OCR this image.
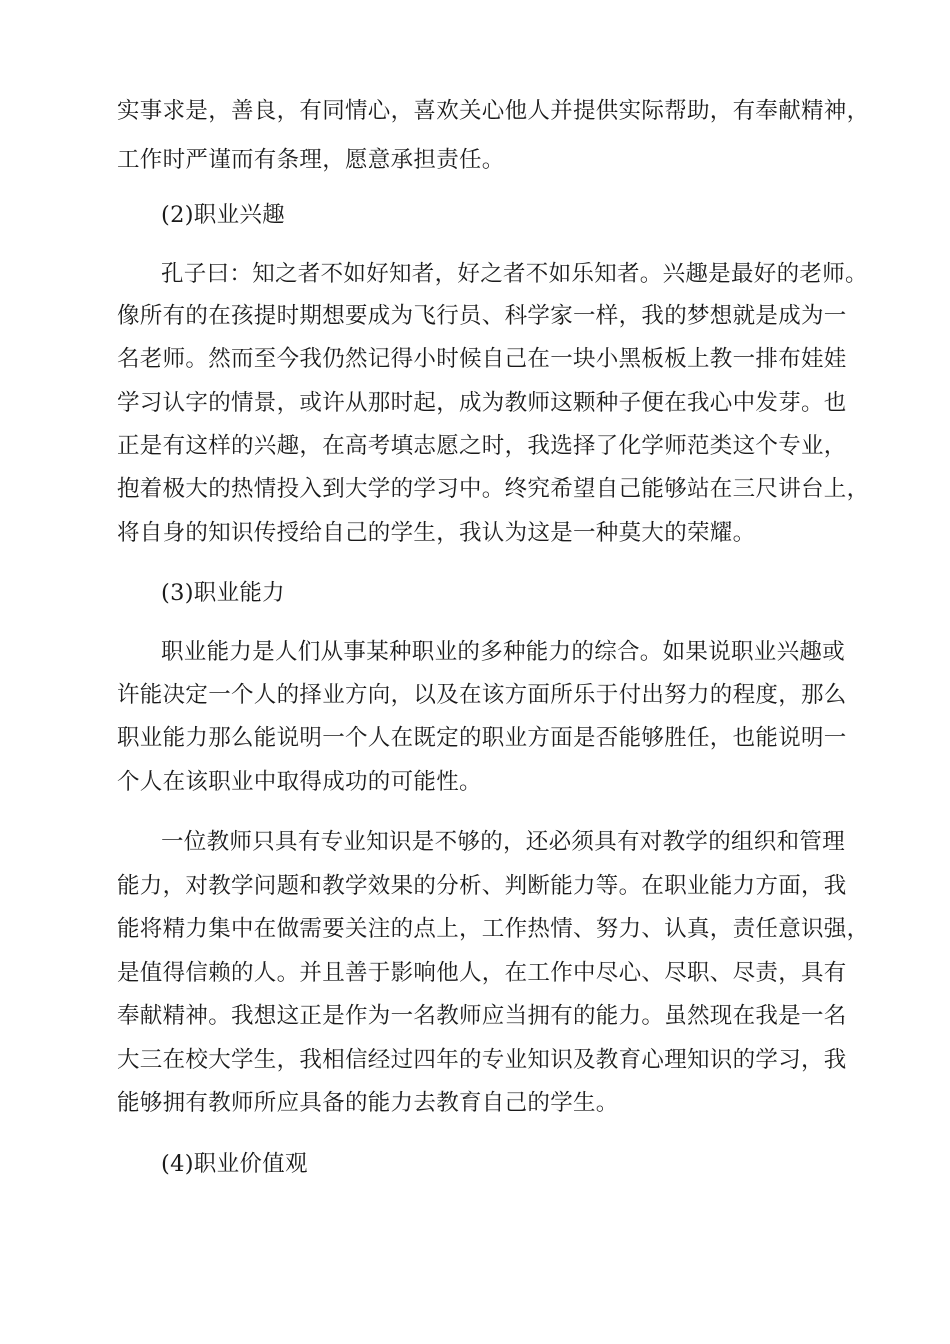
实事求是，善良，有同情心，喜欢关心他人并提供实际帮助，有奉献精神，
工作时严谨而有条理，愿意承担责任。
(2)职业兴趣
孔子曰：知之者不如好知者，好之者不如乐知者。兴趣是最好的老师。
像所有的在孩提时期想要成为飞行员、科学家一样，我的梦想就是成为一
名老师。然而至今我仍然记得小时候自己在一块小黑板板上教一排布娃娃
学习认字的情景，或许从那时起，成为教师这颗种子便在我心中发芽。也
正是有这样的兴趣，在高考填志愿之时，我选择了化学师范类这个专业，
抱着极大的热情投入到大学的学习中。终究希望自己能够站在三尺讲台上，
将自身的知识传授给自己的学生，我认为这是一种莫大的荣耀。
(3)职业能力
职业能力是人们从事某种职业的多种能力的综合。如果说职业兴趣或
许能决定一个人的择业方向，以及在该方面所乐于付出努力的程度，那么
职业能力那么能说明一个人在既定的职业方面是否能够胜任，也能说明一
个人在该职业中取得成功的可能性。
一位教师只具有专业知识是不够的，还必须具有对教学的组织和管理
能力，对教学问题和教学效果的分析、判断能力等。在职业能力方面，我
能将精力集中在做需要关注的点上，工作热情、努力、认真，责任意识强，
是值得信赖的人。并且善于影响他人，在工作中尽心、尽职、尽责，具有
奉献精神。我想这正是作为一名教师应当拥有的能力。虽然现在我是一名
大三在校大学生，我相信经过四年的专业知识及教育心理知识的学习，我
能够拥有教师所应具备的能力去教育自己的学生。
(4)职业价值观
